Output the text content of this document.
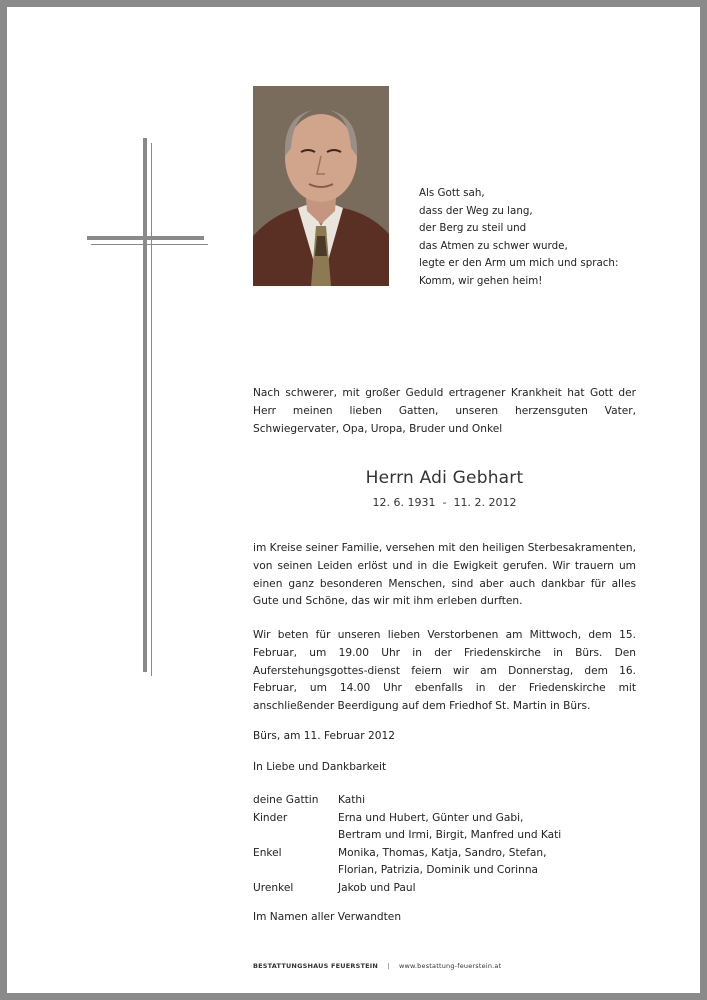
Als Gott sah,
dass der Weg zu lang,
der Berg zu steil und
das Atmen zu schwer wurde,
legte er den Arm um mich und sprach:
Komm, wir gehen heim!
Nach schwerer, mit großer Geduld ertragener Krankheit hat Gott der Herr meinen lieben Gatten, unseren herzensguten Vater, Schwiegervater, Opa, Uropa, Bruder und Onkel
Herrn Adi Gebhart
12. 6. 1931  -  11. 2. 2012
im Kreise seiner Familie, versehen mit den heiligen Sterbesakramenten, von seinen Leiden erlöst und in die Ewigkeit gerufen. Wir trauern um einen ganz besonderen Menschen, sind aber auch dankbar für alles Gute und Schöne, das wir mit ihm erleben durften.
Wir beten für unseren lieben Verstorbenen am Mittwoch, dem 15. Februar, um 19.00 Uhr in der Friedenskirche in Bürs. Den Auferstehungsgottes-dienst feiern wir am Donnerstag, dem 16. Februar, um 14.00 Uhr ebenfalls in der Friedenskirche mit anschließender Beerdigung auf dem Friedhof St. Martin in Bürs.
Bürs, am 11. Februar 2012
In Liebe und Dankbarkeit
deine Gattin	Kathi
Kinder	Erna und Hubert, Günter und Gabi,
Bertram und Irmi, Birgit, Manfred und Kati
Enkel	Monika, Thomas, Katja, Sandro, Stefan,
Florian, Patrizia, Dominik und Corinna
Urenkel	Jakob und Paul
Im Namen aller Verwandten
BESTATTUNGSHAUS FEUERSTEIN | www.bestattung-feuerstein.at
